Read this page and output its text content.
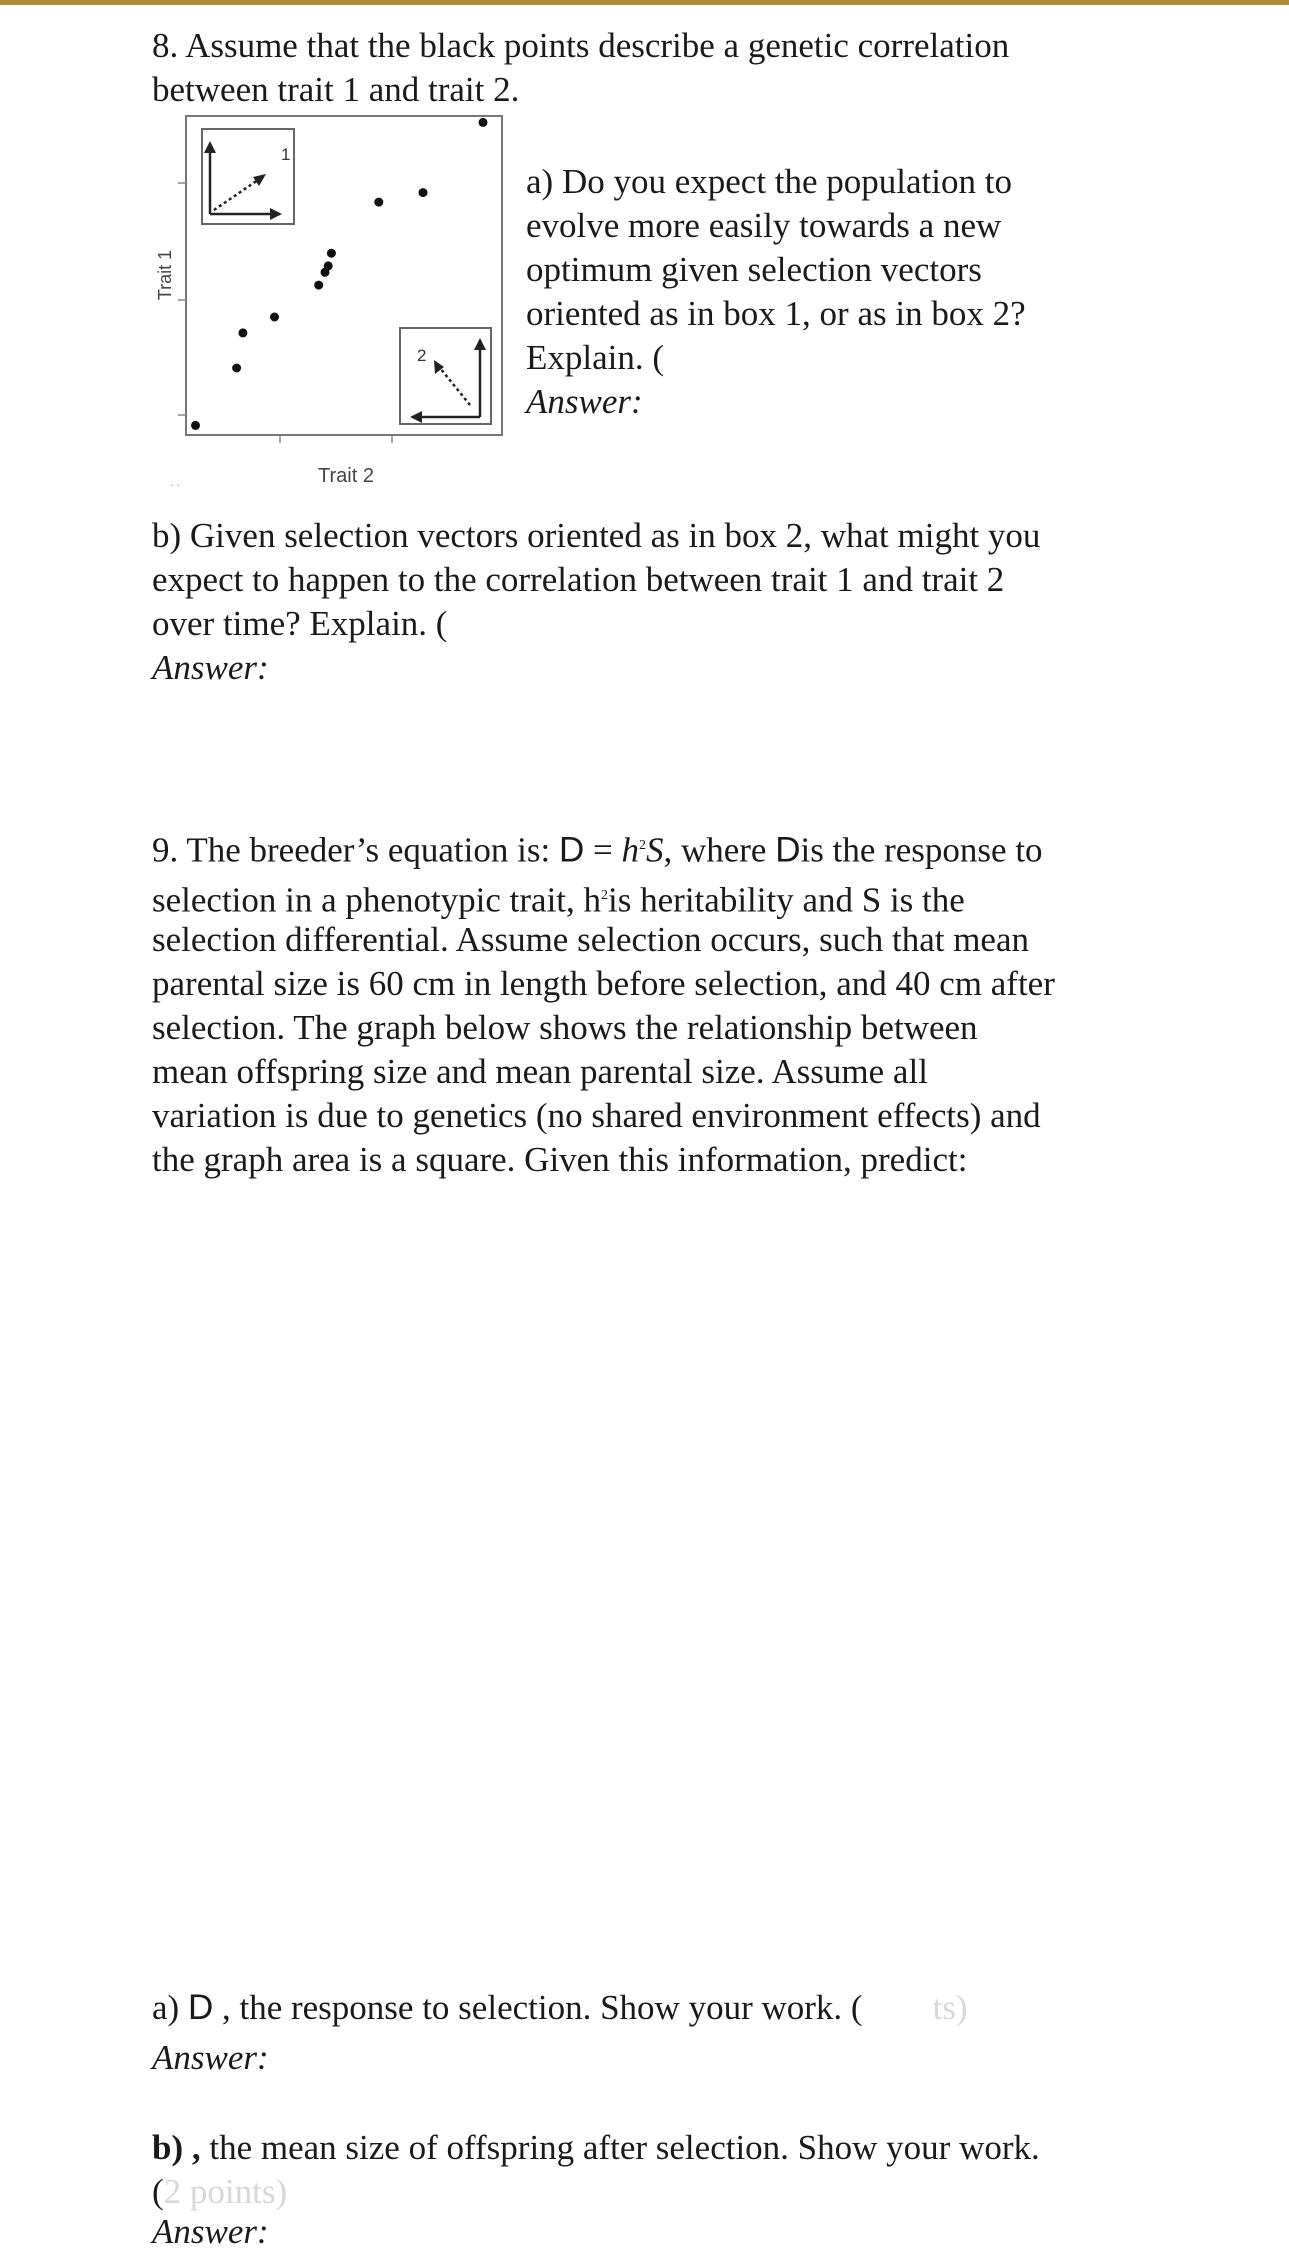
8. Assume that the black points describe a genetic correlation

between trait 1 and trait 2.

Trait 1
Trait 2
. .
1
2

a) Do you expect the population to

evolve more easily towards a new

optimum given selection vectors

oriented as in box 1, or as in box 2?

Explain. (

Answer:

b) Given selection vectors oriented as in box 2, what might you

expect to happen to the correlation between trait 1 and trait 2

over time? Explain. (

Answer:

9. The breeder’s equation is: $D = h^2S$, where Dis the response to

selection in a phenotypic trait, $h^2is$ heritability and S is the

selection differential. Assume selection occurs, such that mean

parental size is 60 cm in length before selection, and 40 cm after

selection. The graph below shows the relationship between

mean offspring size and mean parental size. Assume all

variation is due to genetics (no shared environment effects) and

the graph area is a square. Given this information, predict:

a) D , the response to selection. Show your work. ( ts)

Answer:

b) , the mean size of offspring after selection. Show your work.

(2 points)

Answer:
